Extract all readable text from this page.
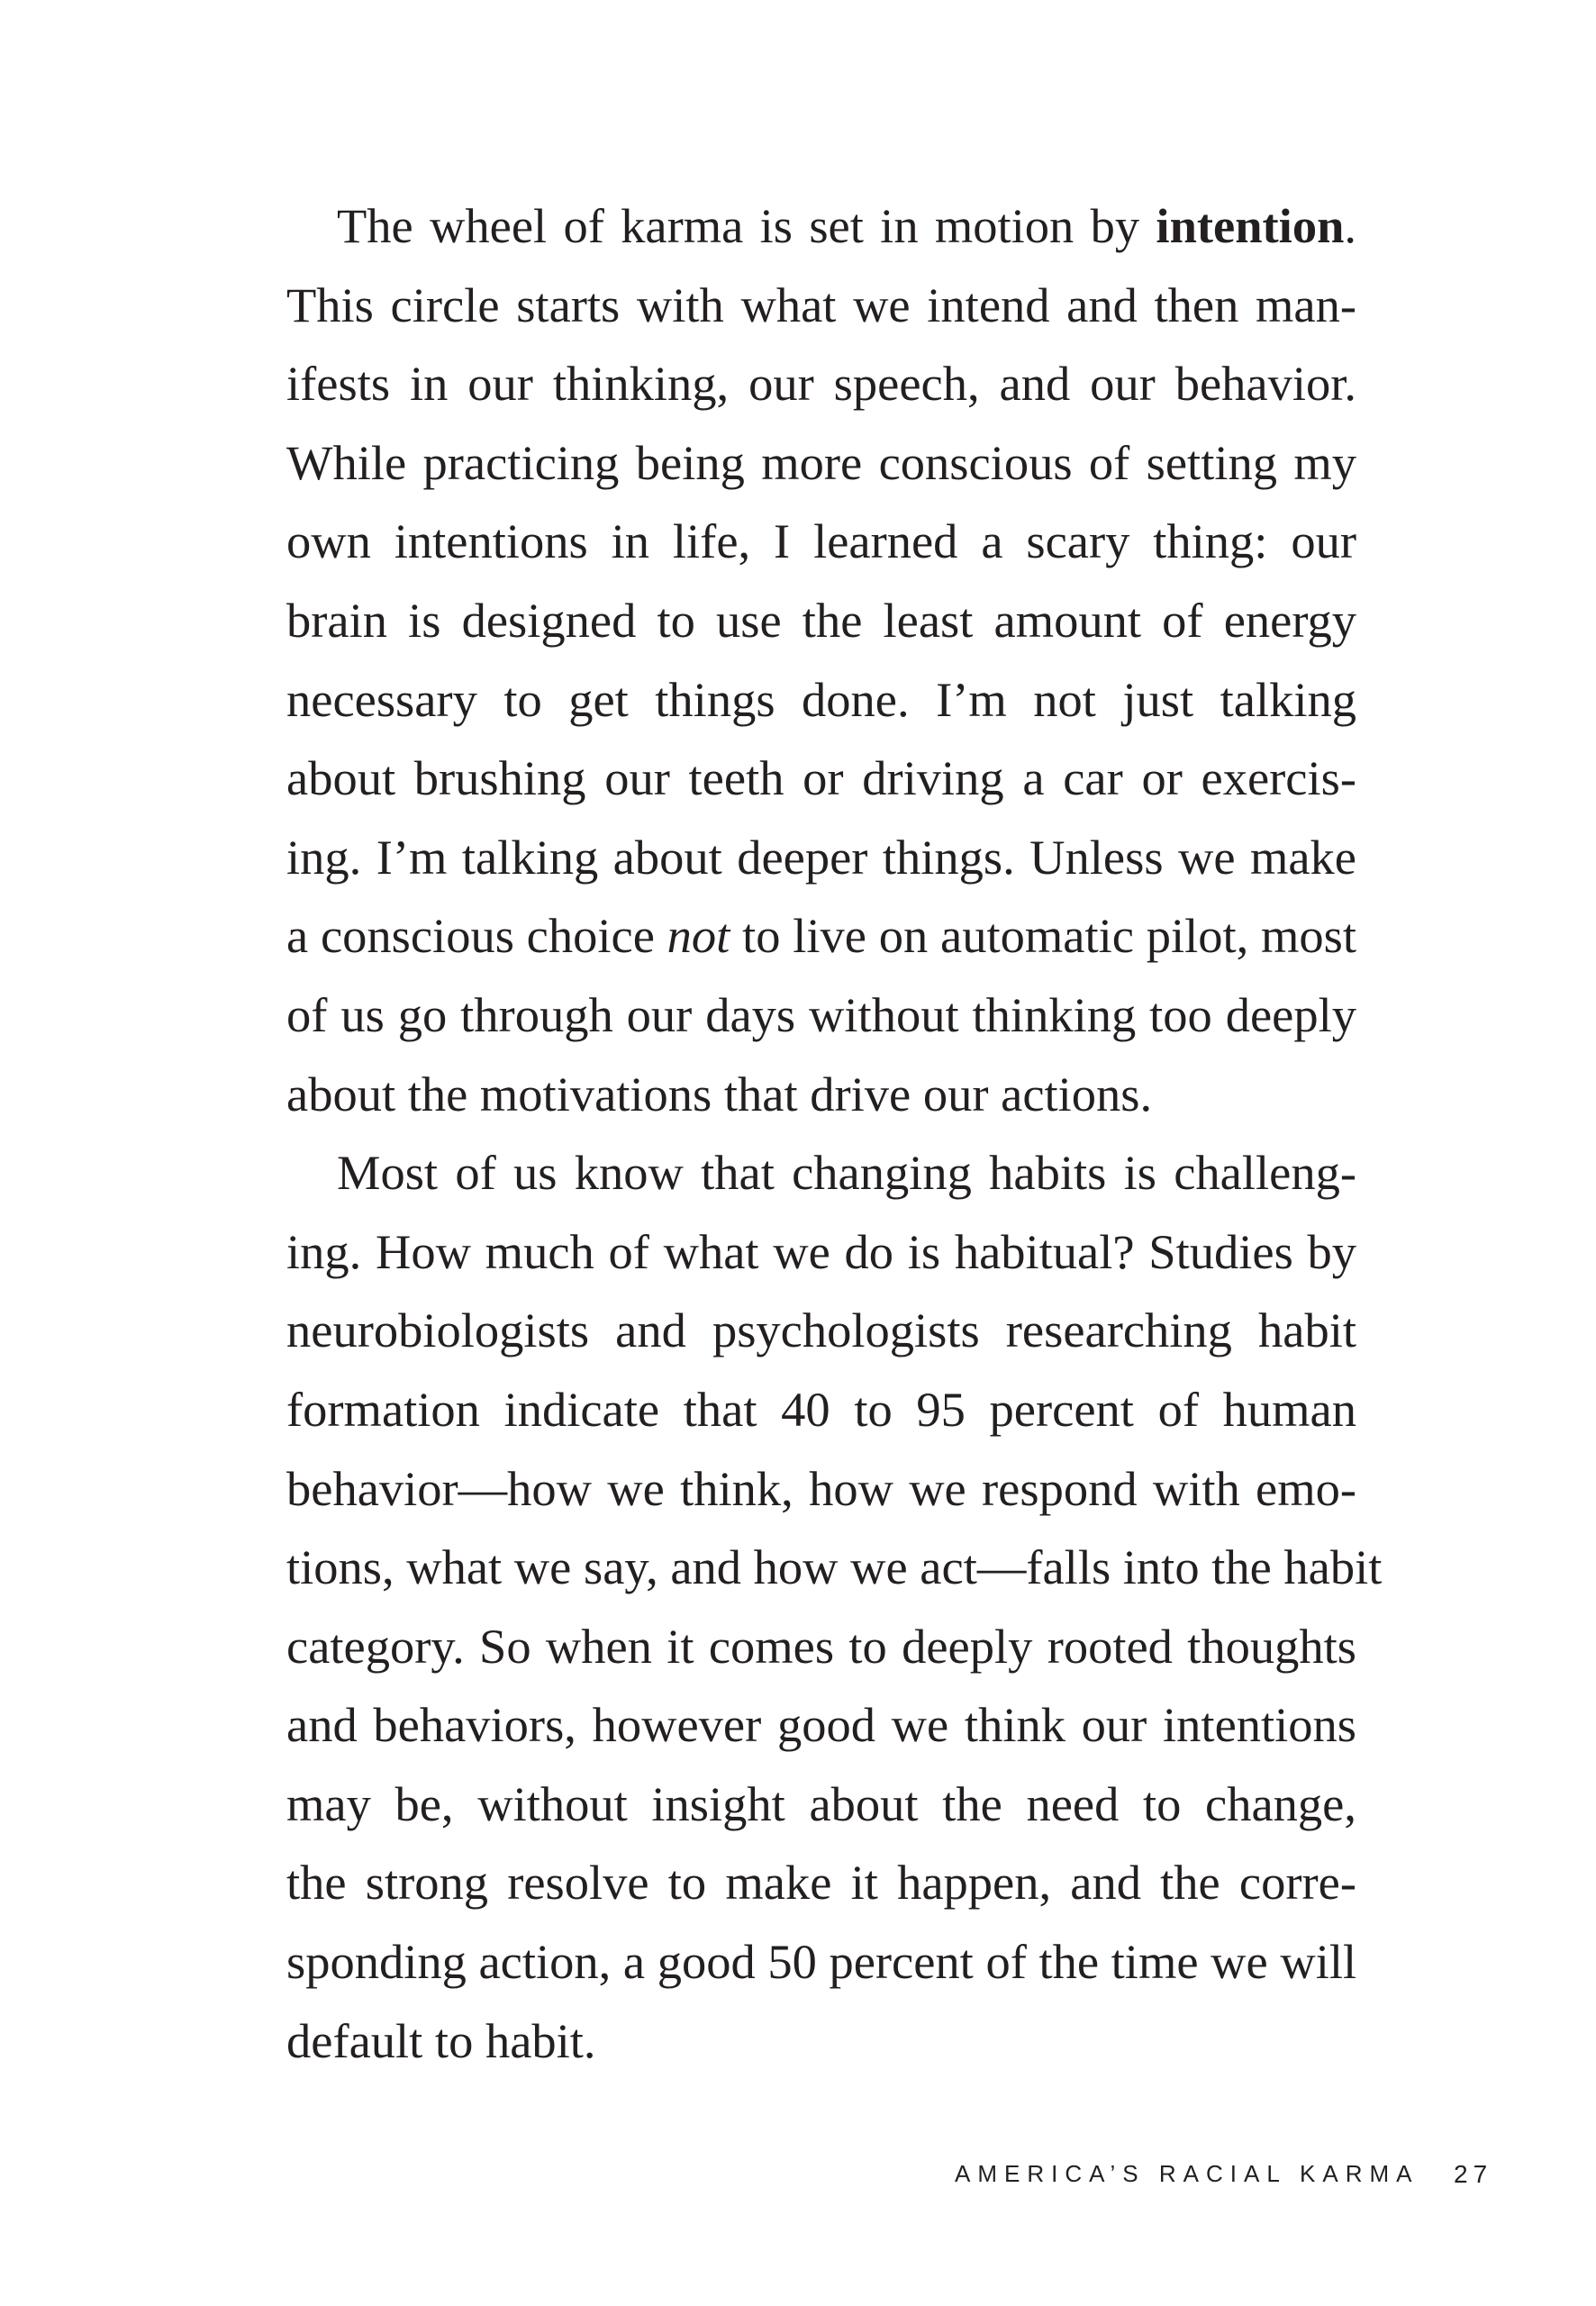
The wheel of karma is set in motion by intention.
This circle starts with what we intend and then man-
ifests in our thinking, our speech, and our behavior.
While practicing being more conscious of setting my
own intentions in life, I learned a scary thing: our
brain is designed to use the least amount of energy
necessary to get things done. I’m not just talking
about brushing our teeth or driving a car or exercis-
ing. I’m talking about deeper things. Unless we make
a conscious choice not to live on automatic pilot, most
of us go through our days without thinking too deeply
about the motivations that drive our actions.
Most of us know that changing habits is challeng-
ing. How much of what we do is habitual? Studies by
neurobiologists and psychologists researching habit
formation indicate that 40 to 95 percent of human
behavior—how we think, how we respond with emo-
tions, what we say, and how we act—falls into the habit
category. So when it comes to deeply rooted thoughts
and behaviors, however good we think our intentions
may be, without insight about the need to change,
the strong resolve to make it happen, and the corre-
sponding action, a good 50 percent of the time we will
default to habit.
AMERICA’S RACIAL KARMA 27
